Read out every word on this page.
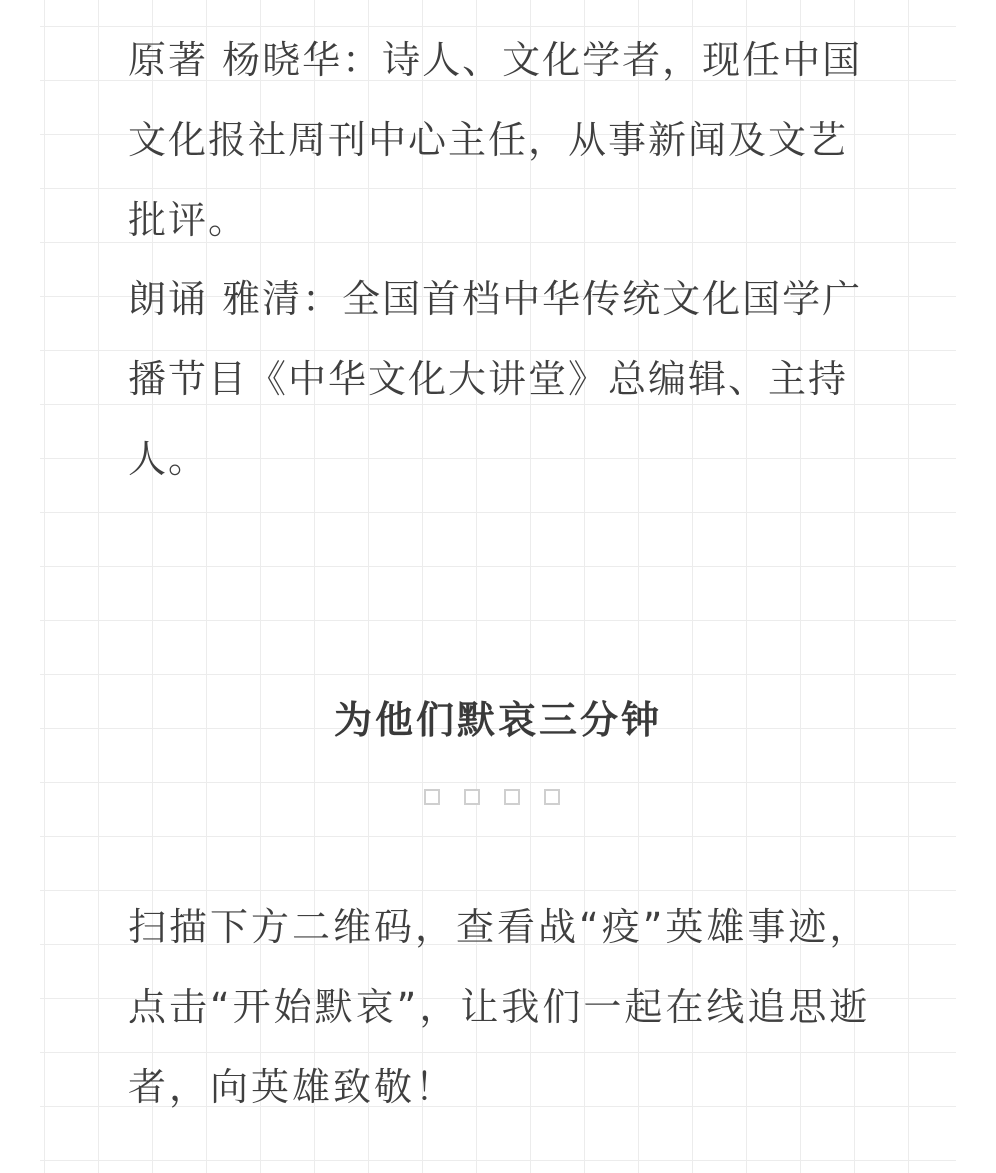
原著 杨晓华：诗人、文化学者，现任中国文化报社周刊中心主任，从事新闻及文艺批评。

朗诵 雅清：全国首档中华传统文化国学广播节目《中华文化大讲堂》总编辑、主持人。

为他们默哀三分钟

扫描下方二维码，查看战“疫”英雄事迹，点击“开始默哀”，让我们一起在线追思逝者，向英雄致敬！
